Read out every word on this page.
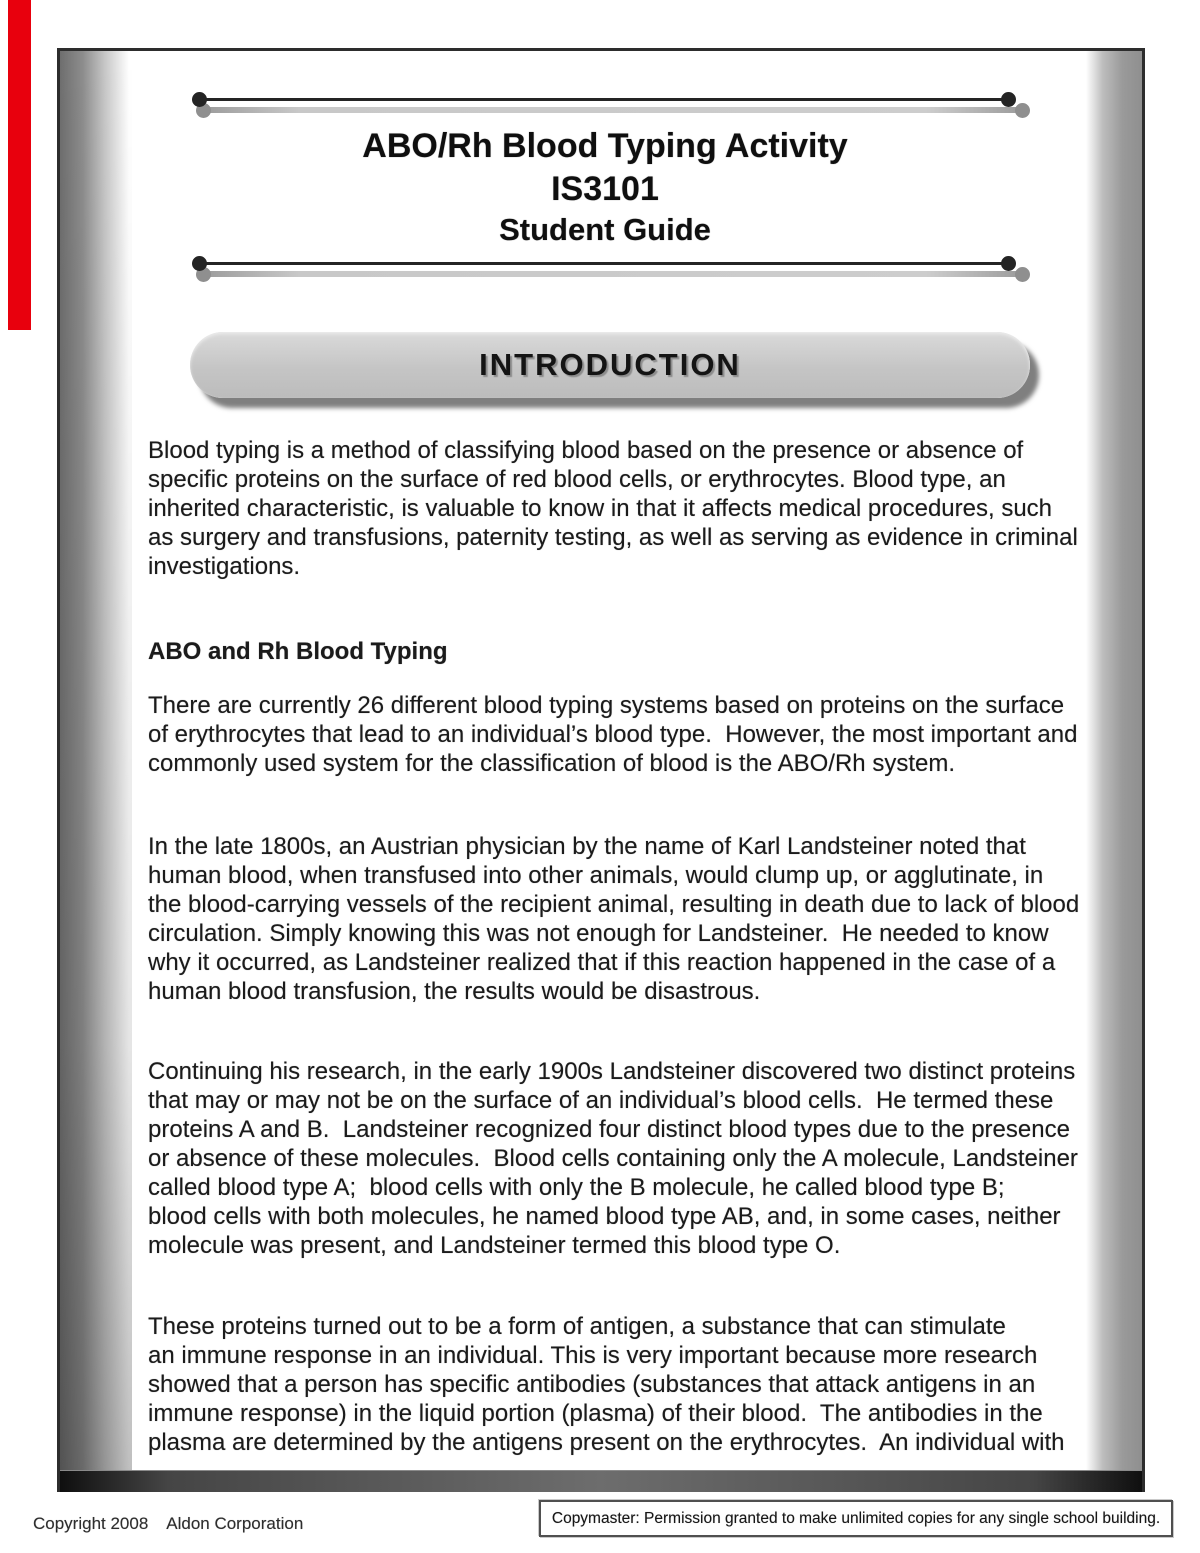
ABO/Rh Blood Typing Activity
IS3101
Student Guide
INTRODUCTION
Blood typing is a method of classifying blood based on the presence or absence of
specific proteins on the surface of red blood cells, or erythrocytes. Blood type, an
inherited characteristic, is valuable to know in that it affects medical procedures, such
as surgery and transfusions, paternity testing, as well as serving as evidence in criminal
investigations.
ABO and Rh Blood Typing
There are currently 26 different blood typing systems based on proteins on the surface
of erythrocytes that lead to an individual’s blood type.  However, the most important and
commonly used system for the classification of blood is the ABO/Rh system.
In the late 1800s, an Austrian physician by the name of Karl Landsteiner noted that
human blood, when transfused into other animals, would clump up, or agglutinate, in
the blood-carrying vessels of the recipient animal, resulting in death due to lack of blood
circulation. Simply knowing this was not enough for Landsteiner.  He needed to know
why it occurred, as Landsteiner realized that if this reaction happened in the case of a
human blood transfusion, the results would be disastrous.
Continuing his research, in the early 1900s Landsteiner discovered two distinct proteins
that may or may not be on the surface of an individual’s blood cells.  He termed these
proteins A and B.  Landsteiner recognized four distinct blood types due to the presence
or absence of these molecules.  Blood cells containing only the A molecule, Landsteiner
called blood type A;  blood cells with only the B molecule, he called blood type B;
blood cells with both molecules, he named blood type AB, and, in some cases, neither
molecule was present, and Landsteiner termed this blood type O.
These proteins turned out to be a form of antigen, a substance that can stimulate
an immune response in an individual. This is very important because more research
showed that a person has specific antibodies (substances that attack antigens in an
immune response) in the liquid portion (plasma) of their blood.  The antibodies in the
plasma are determined by the antigens present on the erythrocytes.  An individual with
Copyright 2008    Aldon Corporation	Copymaster: Permission granted to make unlimited copies for any single school building.
